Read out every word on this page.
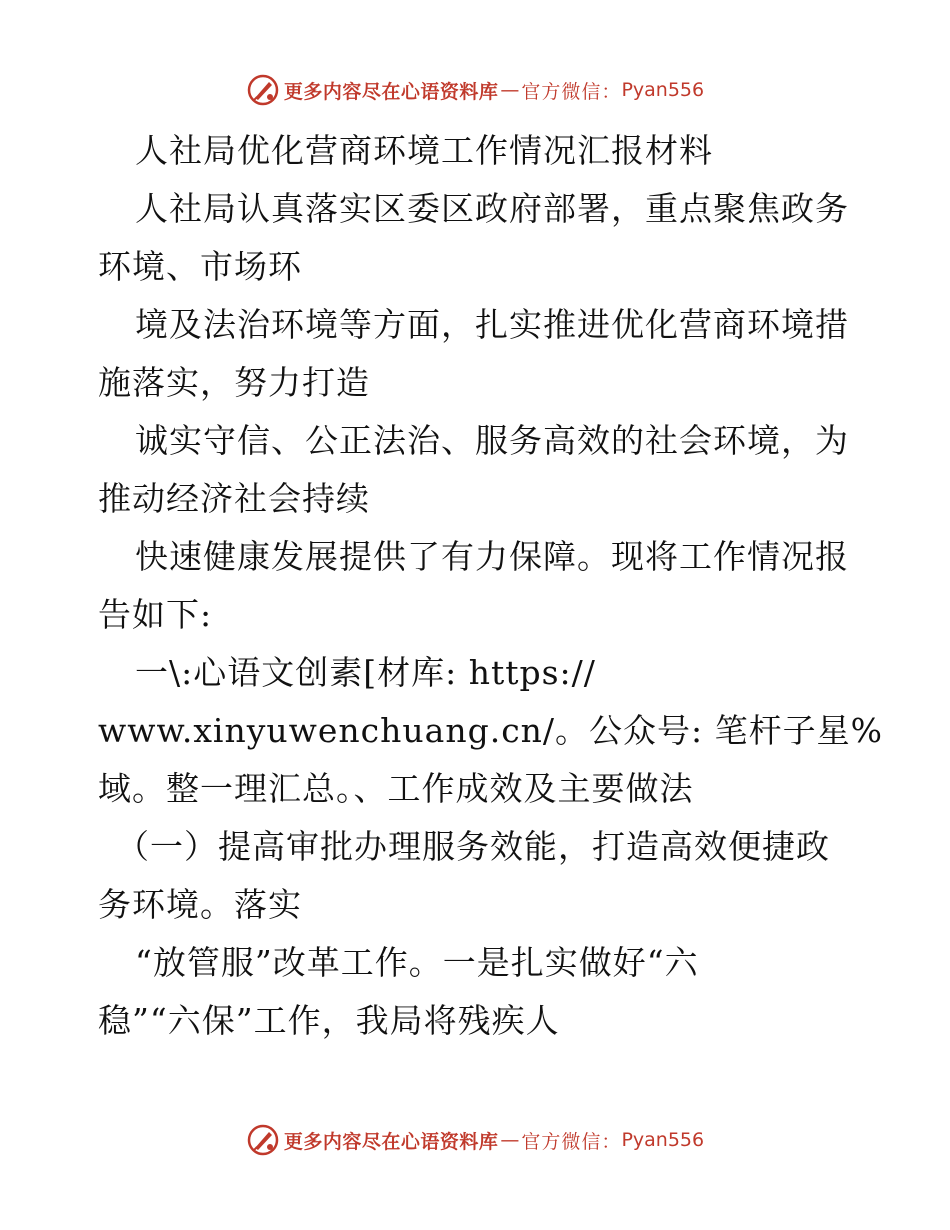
更多内容尽在心语资料库 — 官方微信： Pyan556
人社局优化营商环境工作情况汇报材料
人社局认真落实区委区政府部署，重点聚焦政务
环境、市场环
境及法治环境等方面，扎实推进优化营商环境措
施落实，努力打造
诚实守信、公正法治、服务高效的社会环境，为
推动经济社会持续
快速健康发展提供了有力保障。现将工作情况报
告如下:
一\:心语文创素[材库: https://
www.xinyuwenchuang.cn/。公众号: 笔杆子星%
域。整一理汇总。、工作成效及主要做法
（一）提高审批办理服务效能，打造高效便捷政
务环境。落实
“放管服”改革工作。一是扎实做好“六
稳”“六保”工作，我局将残疾人
更多内容尽在心语资料库 — 官方微信： Pyan556
